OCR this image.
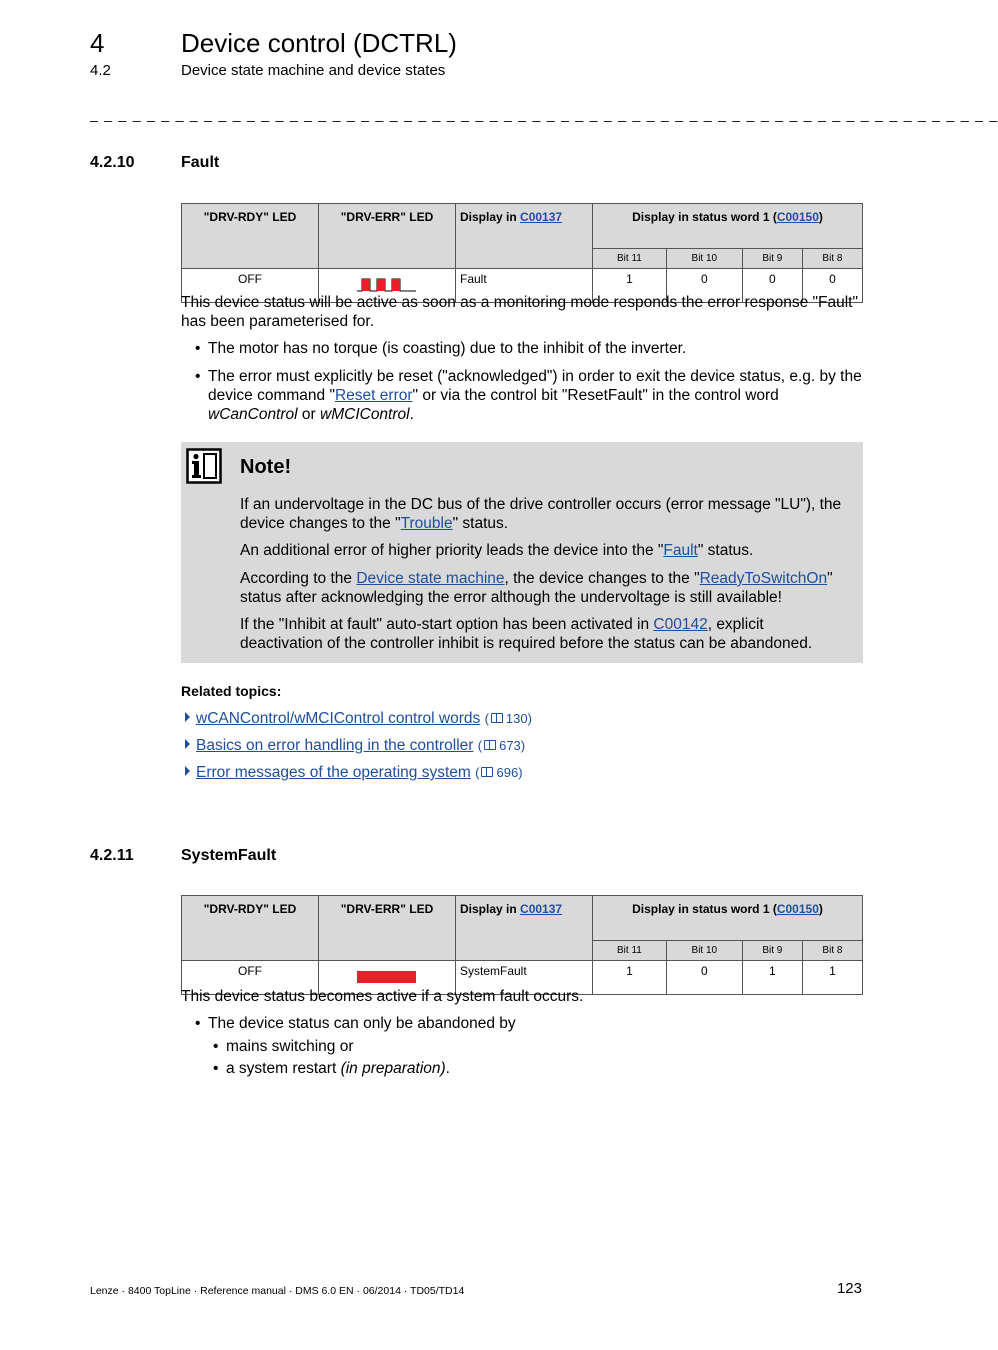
4	Device control (DCTRL)
4.2	Device state machine and device states
_ _ _ _ _ _ _ _ _ _ _ _ _ _ _ _ _ _ _ _ _ _ _ _ _ _ _ _ _ _ _ _ _ _ _ _ _ _ _ _ _ _ _ _ _ _ _ _ _ _ _ _ _ _ _ _ _ _ _ _ _ _ _ _
4.2.10	Fault
"DRV-RDY" LED	"DRV-ERR" LED	Display in C00137	Display in status word 1 (C00150)			
			Bit 11	Bit 10	Bit 9	Bit 8
OFF		Fault	1	0	0	0
This device status will be active as soon as a monitoring mode responds the error response "Fault" has been parameterised for.
• The motor has no torque (is coasting) due to the inhibit of the inverter.
• The error must explicitly be reset ("acknowledged") in order to exit the device status, e.g. by the device command "Reset error" or via the control bit "ResetFault" in the control word wCanControl or wMCIControl.
Note!
If an undervoltage in the DC bus of the drive controller occurs (error message "LU"), the device changes to the "Trouble" status.
An additional error of higher priority leads the device into the "Fault" status.
According to the Device state machine, the device changes to the "ReadyToSwitchOn" status after acknowledging the error although the undervoltage is still available!
If the "Inhibit at fault" auto-start option has been activated in C00142, explicit deactivation of the controller inhibit is required before the status can be abandoned.
Related topics:
wCANControl/wMCIControl control words ( 130)
Basics on error handling in the controller ( 673)
Error messages of the operating system ( 696)
4.2.11	SystemFault
"DRV-RDY" LED	"DRV-ERR" LED	Display in C00137	Display in status word 1 (C00150)			
			Bit 11	Bit 10	Bit 9	Bit 8
OFF		SystemFault	1	0	1	1
This device status becomes active if a system fault occurs.
• The device status can only be abandoned by
• mains switching or
• a system restart (in preparation).
Lenze · 8400 TopLine · Reference manual · DMS 6.0 EN · 06/2014 · TD05/TD14	123
